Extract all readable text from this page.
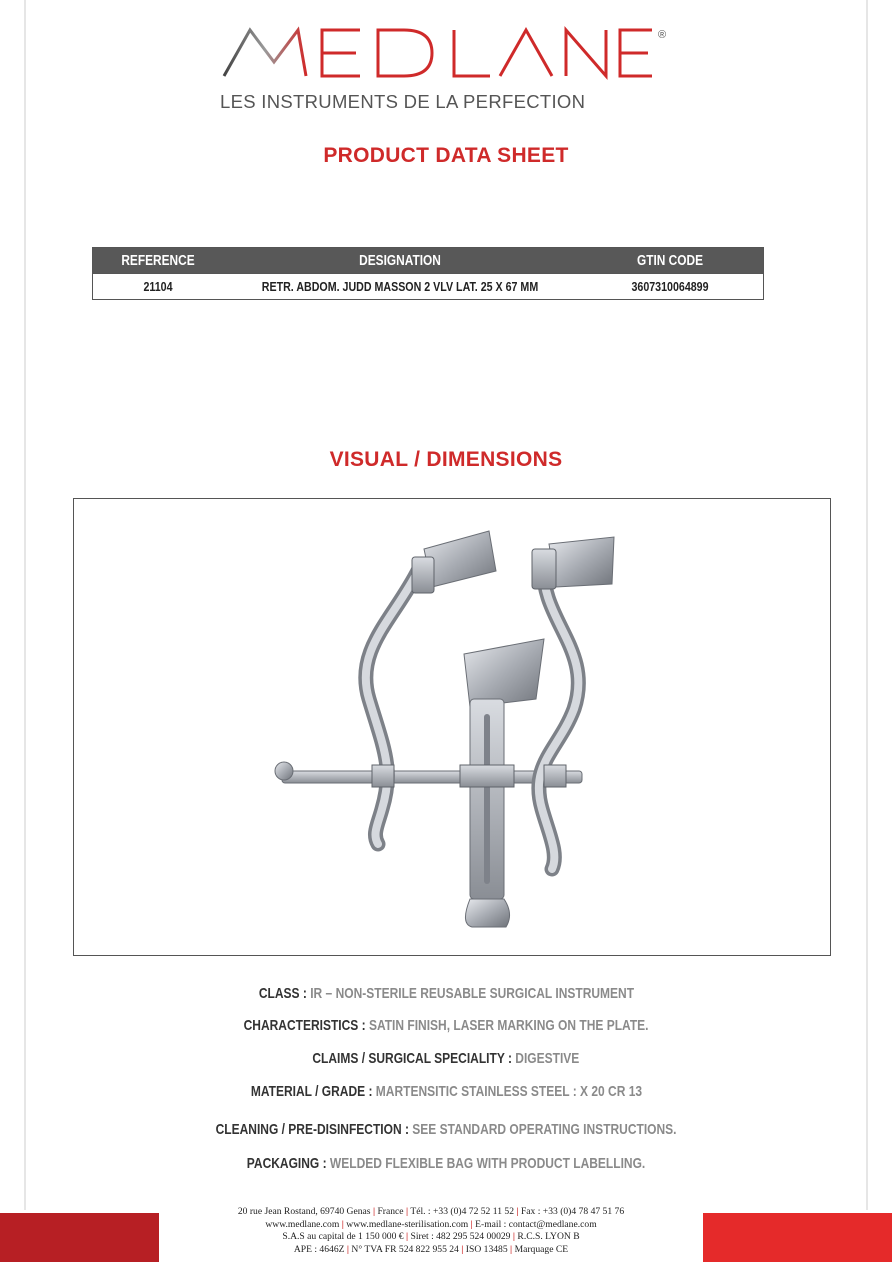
®
LES INSTRUMENTS DE LA PERFECTION
PRODUCT DATA SHEET
REFERENCE	DESIGNATION	GTIN CODE
21104	RETR. ABDOM. JUDD MASSON 2 VLV LAT. 25 X 67 MM	3607310064899
VISUAL / DIMENSIONS
CLASS : IR – NON-STERILE REUSABLE SURGICAL INSTRUMENT
CHARACTERISTICS : SATIN FINISH, LASER MARKING ON THE PLATE.
CLAIMS / SURGICAL SPECIALITY : DIGESTIVE
MATERIAL / GRADE : MARTENSITIC STAINLESS STEEL : X 20 CR 13
CLEANING / PRE-DISINFECTION : SEE STANDARD OPERATING INSTRUCTIONS.
PACKAGING : WELDED FLEXIBLE BAG WITH PRODUCT LABELLING.
20 rue Jean Rostand, 69740 Genas | France | Tél. : +33 (0)4 72 52 11 52 | Fax : +33 (0)4 78 47 51 76
www.medlane.com | www.medlane-sterilisation.com | E-mail : contact@medlane.com
S.A.S au capital de 1 150 000 € | Siret : 482 295 524 00029 | R.C.S. LYON B
APE : 4646Z | N° TVA FR 524 822 955 24 | ISO 13485 | Marquage CE
